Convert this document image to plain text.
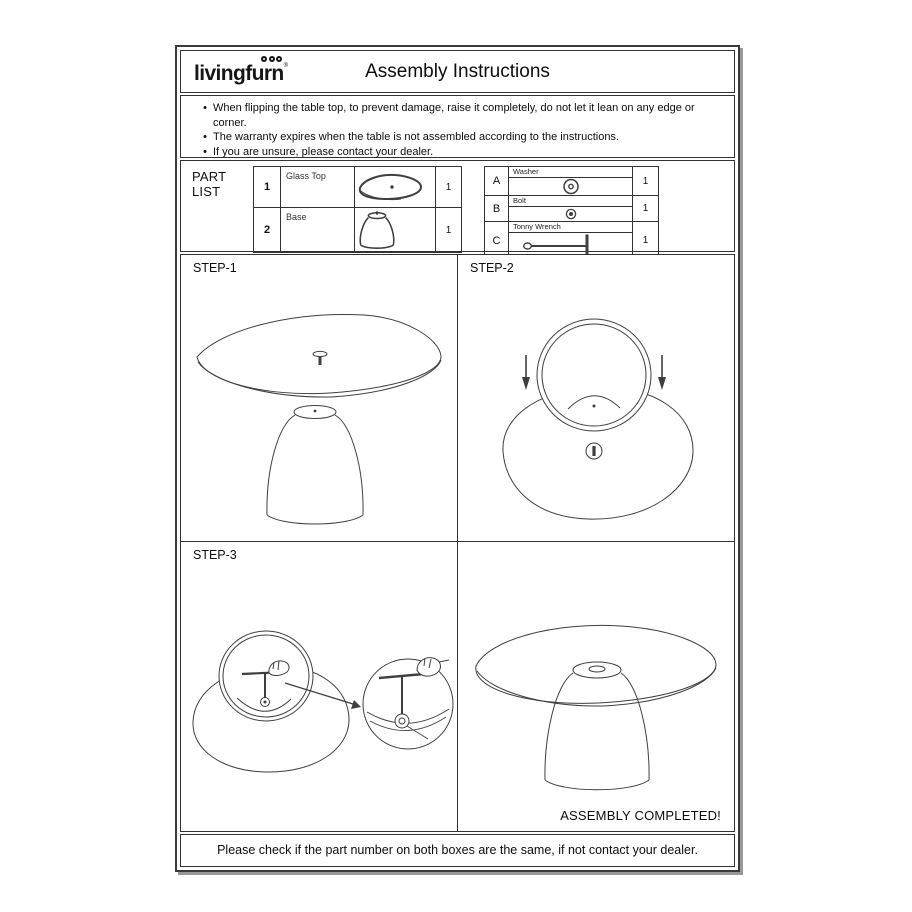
livingfurn®	Assembly Instructions
• When flipping the table top, to prevent damage, raise it completely, do not let it lean on any edge or corner.
• The warranty expires when the table is not assembled according to the instructions.
• If you are unsure, please contact your dealer.
PART LIST	1	Glass Top		1
2	Base		1
A	Washer	1
B	Bolt	1
C	Tonny Wrench	1
STEP-1	STEP-2
STEP-3
ASSEMBLY COMPLETED!
Please check if the part number on both boxes are the same, if not contact your dealer.
